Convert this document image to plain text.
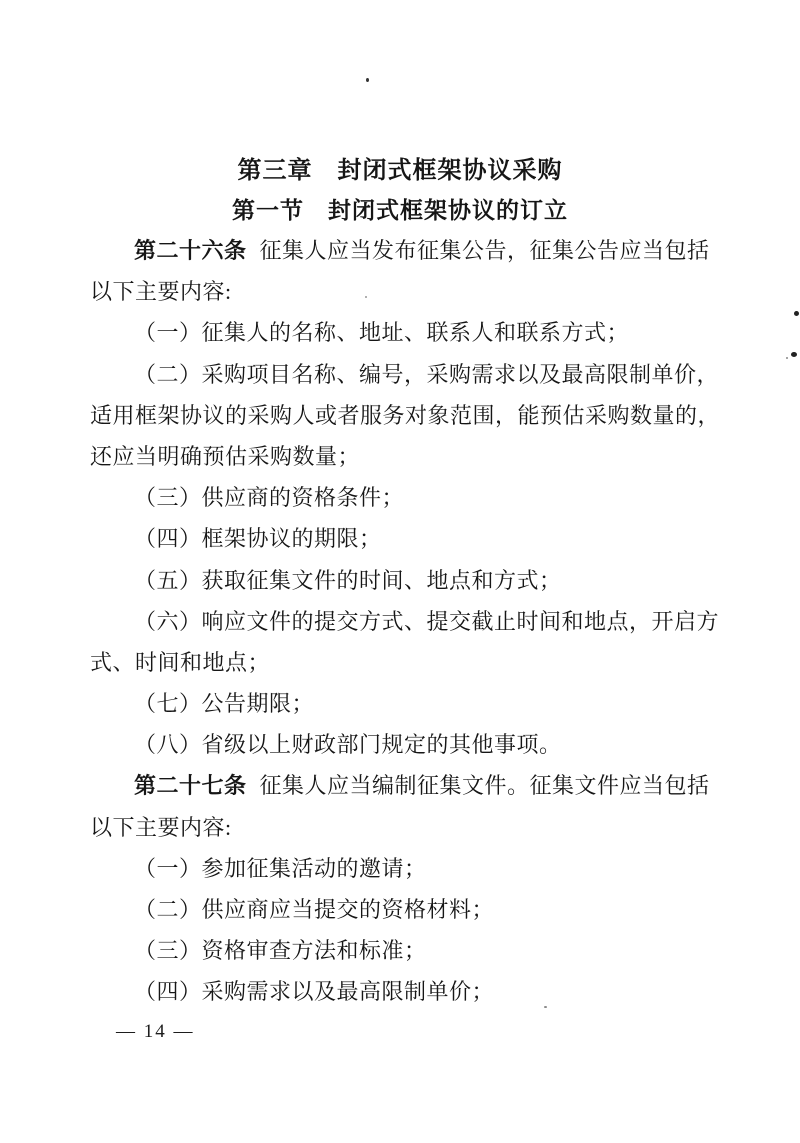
第三章　封闭式框架协议采购
第一节　封闭式框架协议的订立

第二十六条 征集人应当发布征集公告，征集公告应当包括

以下主要内容:

（一）征集人的名称、地址、联系人和联系方式；

（二）采购项目名称、编号，采购需求以及最高限制单价，

适用框架协议的采购人或者服务对象范围，能预估采购数量的，

还应当明确预估采购数量；

（三）供应商的资格条件；

（四）框架协议的期限；

（五）获取征集文件的时间、地点和方式；

（六）响应文件的提交方式、提交截止时间和地点，开启方

式、时间和地点；

（七）公告期限；

（八）省级以上财政部门规定的其他事项。

第二十七条 征集人应当编制征集文件。征集文件应当包括

以下主要内容:

（一）参加征集活动的邀请；

（二）供应商应当提交的资格材料；

（三）资格审查方法和标准；

（四）采购需求以及最高限制单价；

— 14 —
